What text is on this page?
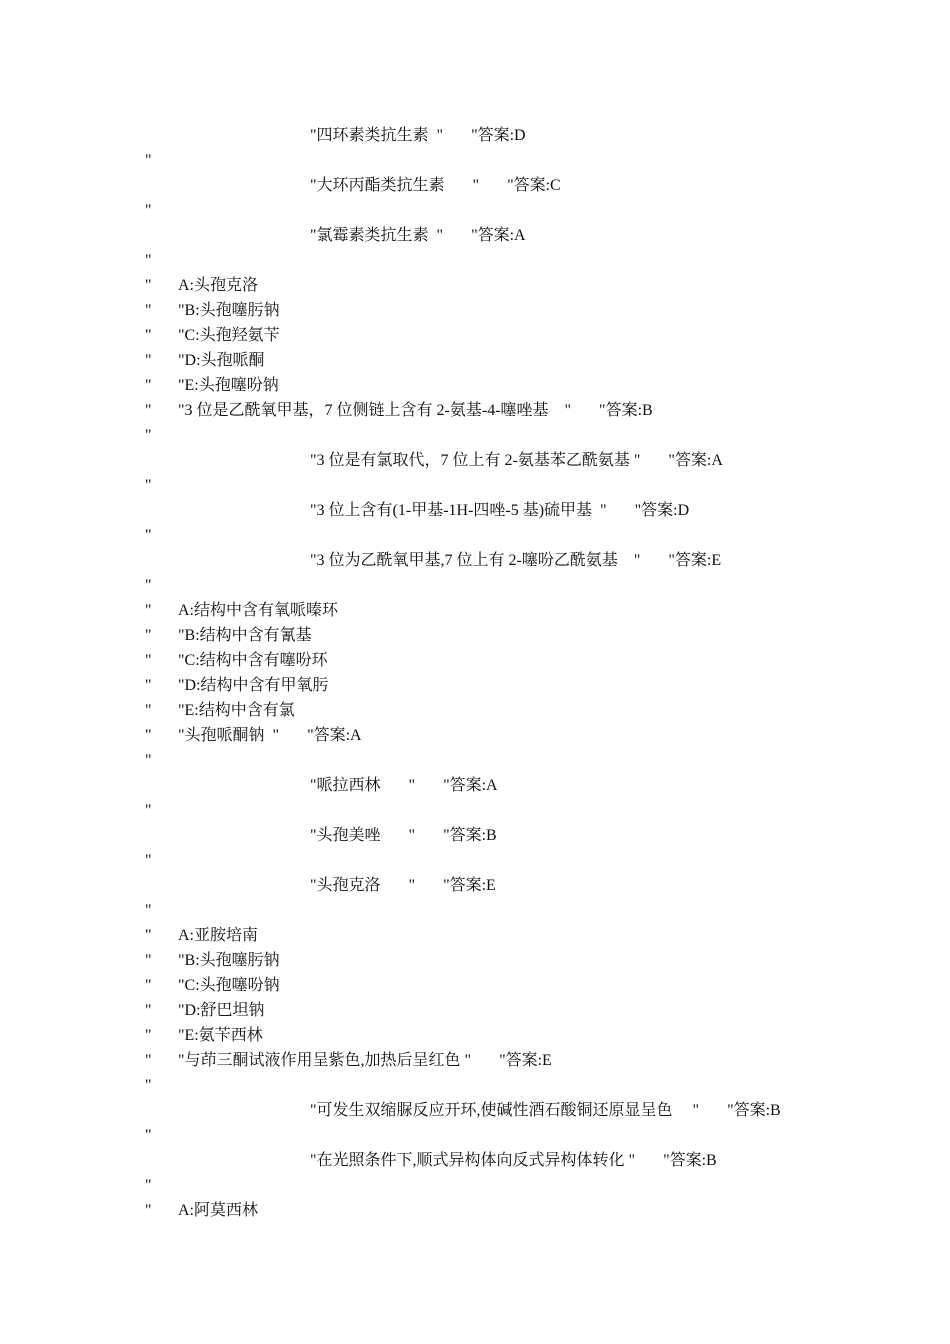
"四环素类抗生素  "       "答案:D
"
"大环丙酯类抗生素       "       "答案:C
"
"氯霉素类抗生素  "       "答案:A
"
" A:头孢克洛
" "B:头孢噻肟钠
" "C:头孢羟氨苄
" "D:头孢哌酮
" "E:头孢噻吩钠
" "3 位是乙酰氧甲基，7 位侧链上含有 2-氨基-4-噻唑基    "       "答案:B
"
"3 位是有氯取代，7 位上有 2-氨基苯乙酰氨基 "       "答案:A
"
"3 位上含有(1-甲基-1H-四唑-5 基)硫甲基  "       "答案:D
"
"3 位为乙酰氧甲基,7 位上有 2-噻吩乙酰氨基    "       "答案:E
"
" A:结构中含有氧哌嗪环
" "B:结构中含有氰基
" "C:结构中含有噻吩环
" "D:结构中含有甲氧肟
" "E:结构中含有氯
" "头孢哌酮钠  "       "答案:A
"
"哌拉西林       "       "答案:A
"
"头孢美唑       "       "答案:B
"
"头孢克洛       "       "答案:E
"
" A:亚胺培南
" "B:头孢噻肟钠
" "C:头孢噻吩钠
" "D:舒巴坦钠
" "E:氨苄西林
" "与茚三酮试液作用呈紫色,加热后呈红色 "       "答案:E
"
"可发生双缩脲反应开环,使碱性酒石酸铜还原显呈色     "       "答案:B
"
"在光照条件下,顺式异构体向反式异构体转化 "       "答案:B
"
" A:阿莫西林
